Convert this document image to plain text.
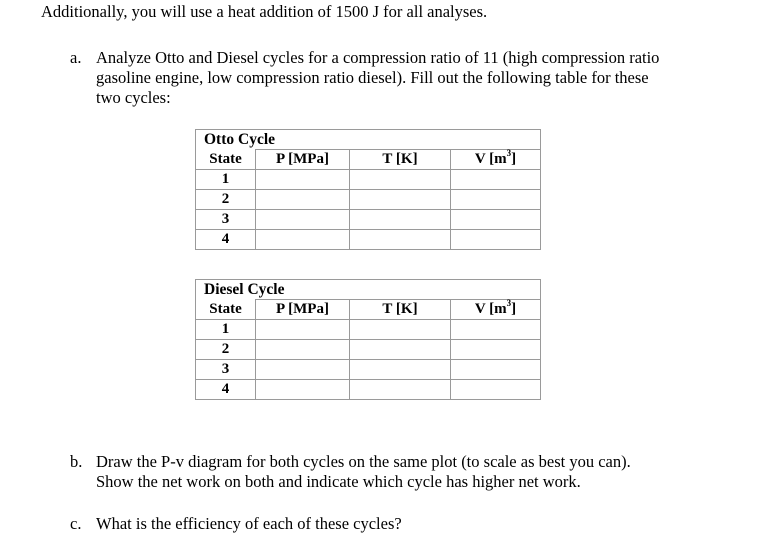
Additionally, you will use a heat addition of 1500 J for all analyses.
a. Analyze Otto and Diesel cycles for a compression ratio of 11 (high compression ratio
gasoline engine, low compression ratio diesel). Fill out the following table for these
two cycles:
Otto Cycle			
State	P [MPa]	T [K]	V $[m^3]$
1			
2			
3			
4			
Diesel Cycle			
State	P [MPa]	T [K]	V $[m^3]$
1			
2			
3			
4			
b. Draw the P-v diagram for both cycles on the same plot (to scale as best you can).
Show the net work on both and indicate which cycle has higher net work.
c. What is the efficiency of each of these cycles?
